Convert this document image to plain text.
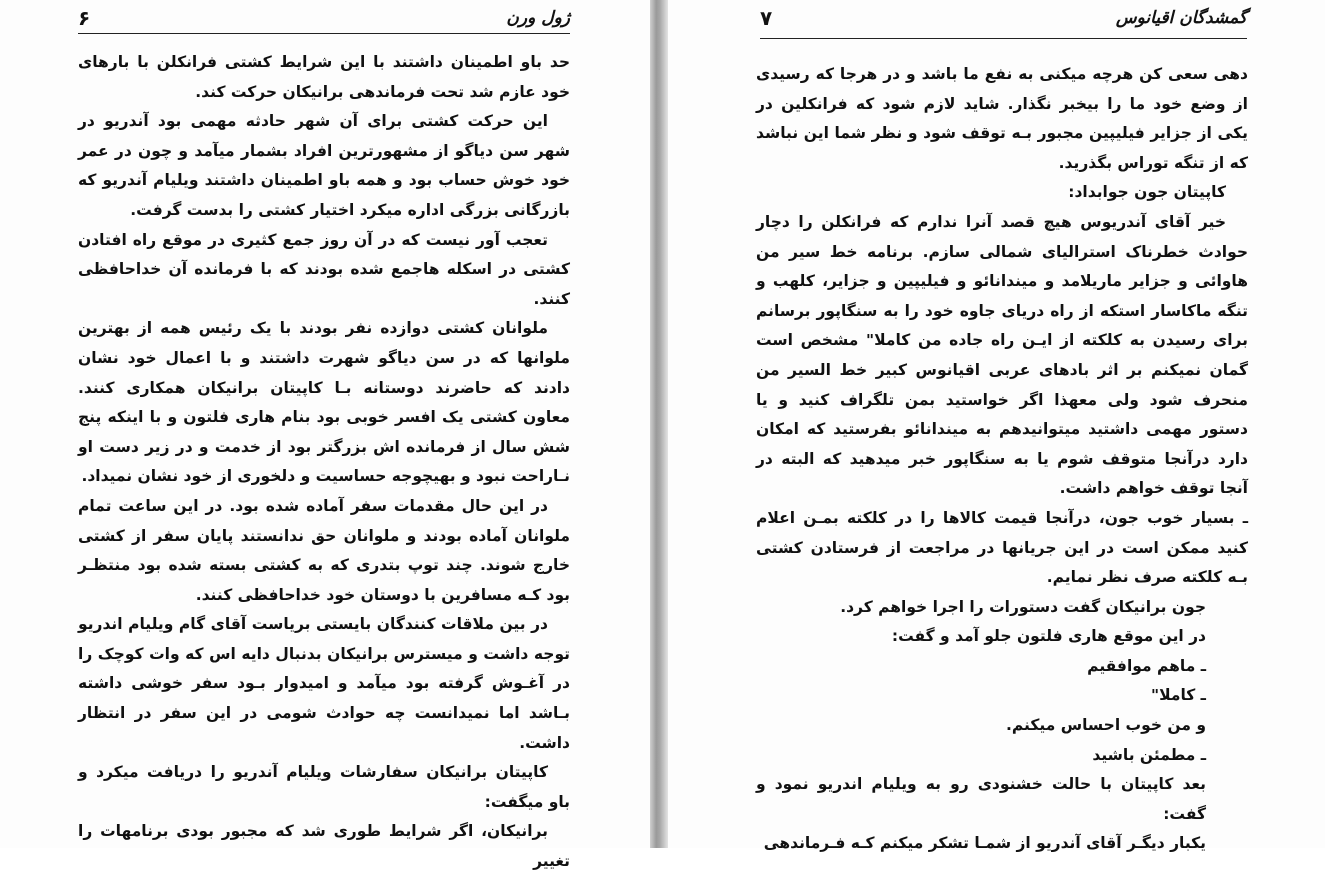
ژول ورن
۶

حد باو اطمینان داشتند با این شرایط کشتی فرانکلن با بارهای خود عازم شد تحت فرماندهی برانیکان حرکت کند.

این حرکت کشتی برای آن شهر حادثه مهمی بود آندریو در شهر سن دیاگو از مشهورترین افراد بشمار میآمد و چون در عمر خود خوش حساب بود و همه باو اطمینان داشتند ویلیام آندریو که بازرگانی بزرگی اداره میکرد اختیار کشتی را بدست گرفت.

تعجب آور نیست که در آن روز جمع کثیری در موقع راه افتادن کشتی در اسکله هاجمع شده بودند که با فرمانده آن خداحافظی کنند.

ملوانان کشتی دوازده نفر بودند با یک رئیس همه از بهترین ملوانها که در سن دیاگو شهرت داشتند و با اعمال خود نشان دادند که حاضرند دوستانه بـا کاپیتان برانیکان همکاری کنند. معاون کشتی یک افسر خوبی بود بنام هاری فلتون و با اینکه پنج شش سال از فرمانده اش بزرگتر بود از خدمت و در زیر دست او نـاراحت نبود و بهیچوجه حساسیت و دلخوری از خود نشان نمیداد.

در این حال مقدمات سفر آماده شده بود. در این ساعت تمام ملوانان آماده بودند و ملوانان حق ندانستند پایان سفر از کشتی خارج شوند. چند توپ بتدری که به کشتی بسته شده بود منتظـر بود کـه مسافرین با دوستان خود خداحافظی کنند.

در بین ملاقات کنندگان بایستی بریاست آقای گام ویلیام اندریو توجه داشت و میسترس برانیکان بدنبال دایه اس که وات کوچک را در آغـوش گرفته بود میآمد و امیدوار بـود سفر خوشی داشته بـاشد اما نمیدانست چه حوادث شومی در این سفر در انتظار داشت.

کاپیتان برانیکان سفارشات ویلیام آندریو را دریافت میکرد و باو میگفت:

برانیکان، اگر شرایط طوری شد که مجبور بودی برنامهات را تغییر

گمشدگان اقیانوس
۷

دهی سعی کن هرچه میکنی به نفع ما باشد و در هرجا که رسیدی از وضع خود ما را بیخبر نگذار. شاید لازم شود که فرانکلین در یکی از جزایر فیلیپین مجبور بـه توقف شود و نظر شما این نباشد که از تنگه توراس بگذرید.

کاپیتان جون جوابداد:

خیر آقای آندریوس هیچ قصد آنرا ندارم که فرانکلن را دچار حوادث خطرناک استرالیای شمالی سازم. برنامه خط سیر من هاوائی و جزایر ماریلامد و میندانائو و فیلیپین و جزایر، کلهب و تنگه ماکاسار استکه از راه دریای جاوه خود را به سنگاپور برسانم برای رسیدن به کلکته از ایـن راه جاده من کاملا" مشخص است گمان نمیکنم بر اثر بادهای عربی اقیانوس کبیر خط السیر من منحرف شود ولی معهذا اگر خواستید بمن تلگراف کنید و یا دستور مهمی داشتید میتوانیدهم به میندانائو بفرستید که امکان دارد درآنجا متوقف شوم یا به سنگاپور خبر میدهید که البته در آنجا توقف خواهم داشت.

ـ بسیار خوب جون، درآنجا قیمت کالاها را در کلکته بمـن اعلام کنید ممکن است در این جریانها در مراجعت از فرستادن کشتی بـه کلکته صرف نظر نمایم.

جون برانیکان گفت دستورات را اجرا خواهم کرد.

در این موقع هاری فلتون جلو آمد و گفت:

ـ ماهم موافقیم

ـ کاملا"

و من خوب احساس میکنم.

ـ مطمئن باشید

بعد کاپیتان با حالت خشنودی رو به ویلیام اندریو نمود و گفت:

یکبار دیگـر آقای آندریو از شمـا تشکر میکنم کـه فـرماندهی
